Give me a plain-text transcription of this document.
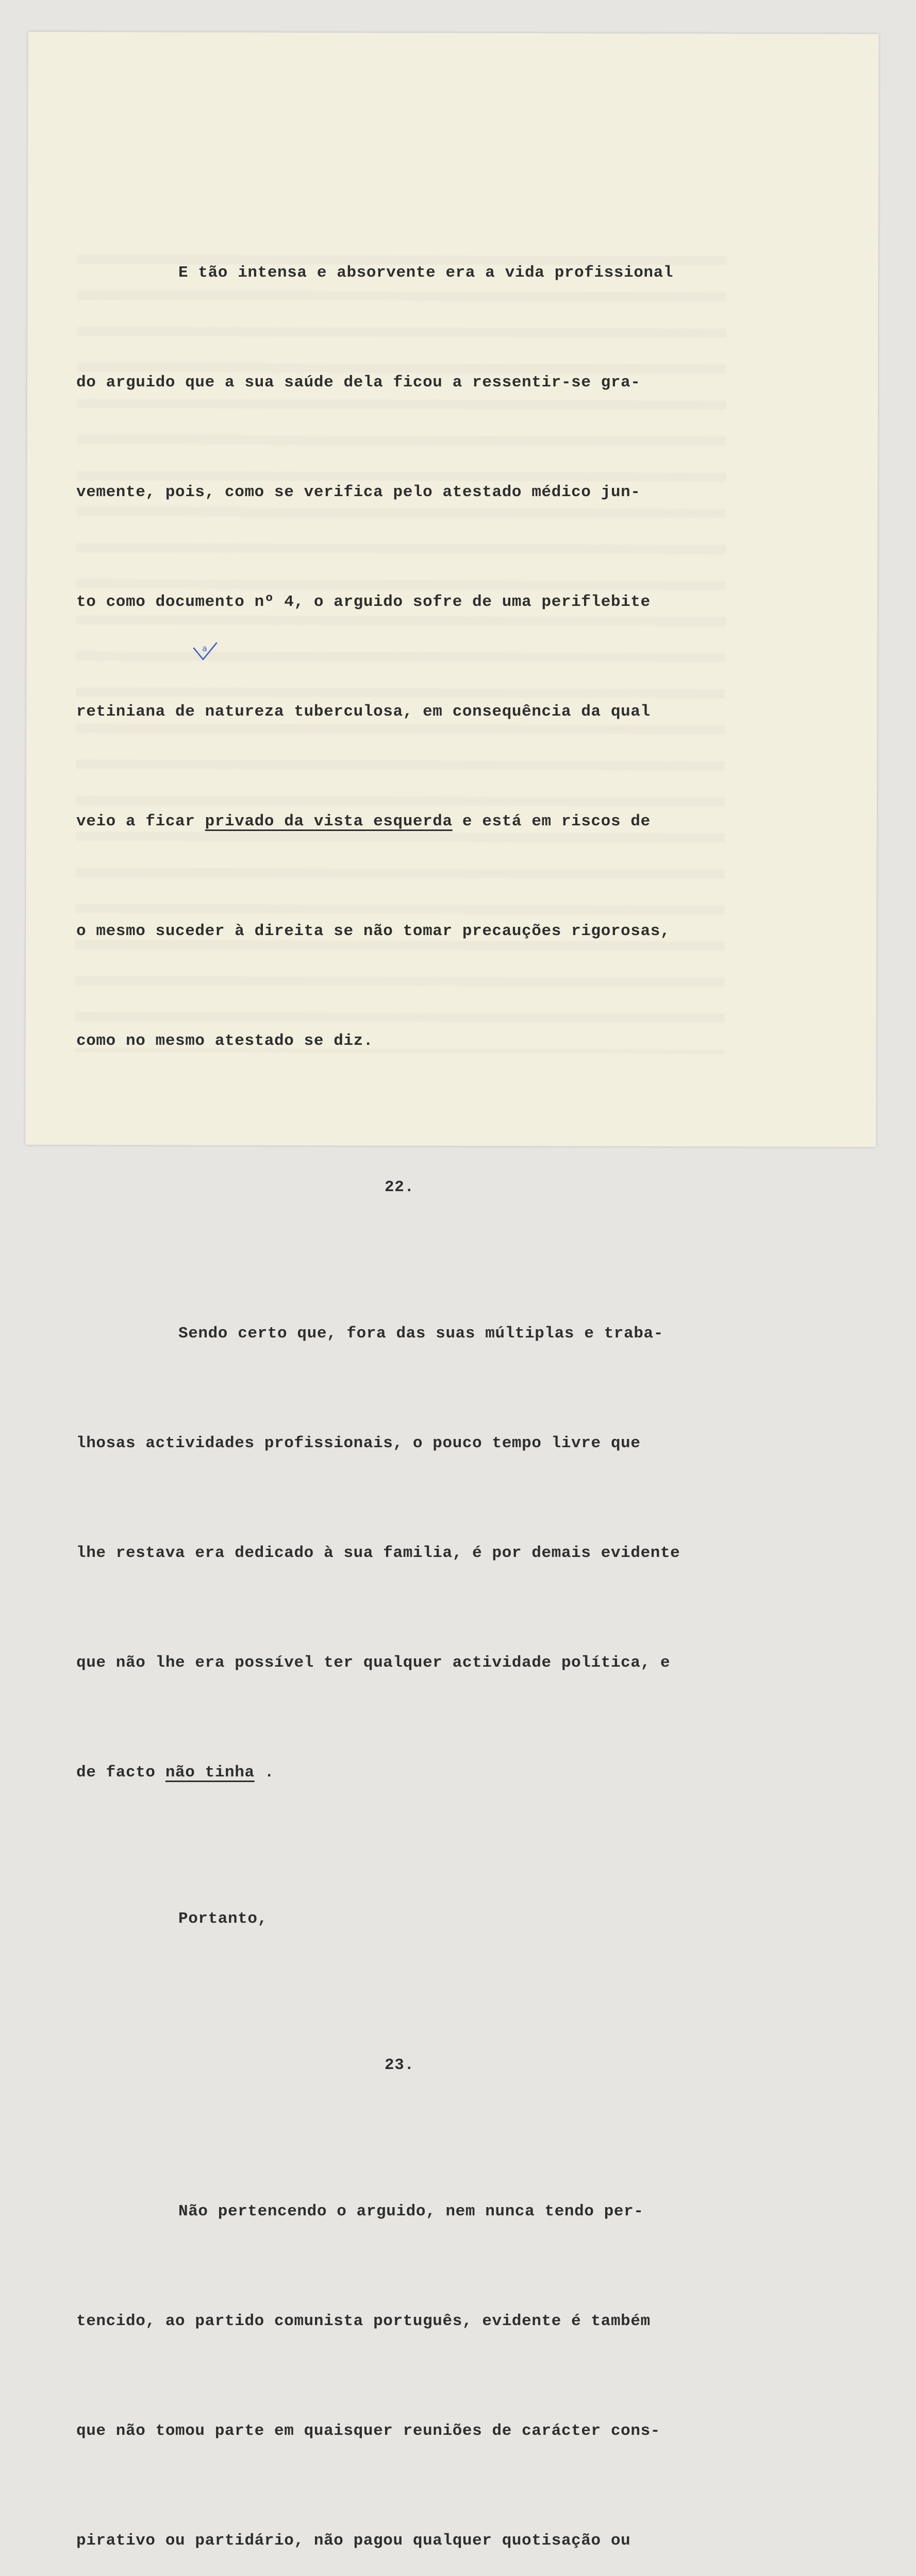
E tão intensa e absorvente era a vida profissional

do arguido que a sua saúde dela ficou a ressentir-se gra-

vemente, pois, como se verifica pelo atestado médico jun-

to como documento nº 4, o arguido sofre de uma periflebite

retiniana de natureza tuberculosa, em consequência da qual

veio a ficar privado da vista esquerda e está em riscos de

o mesmo suceder à direita se não tomar precauções rigorosas,

como no mesmo atestado se diz.

22.

Sendo certo que, fora das suas múltiplas e traba-

lhosas actividades profissionais, o pouco tempo livre que

lhe restava era dedicado à sua familia, é por demais evidente

que não lhe era possível ter qualquer actividade política, e

de facto não tinha .

Portanto,

23.

Não pertencendo o arguido, nem nunca tendo per-

tencido, ao partido comunista português, evidente é também

que não tomou parte em quaisquer reuniões de carácter cons-

pirativo ou partidário, não pagou qualquer quotisação ou

a
